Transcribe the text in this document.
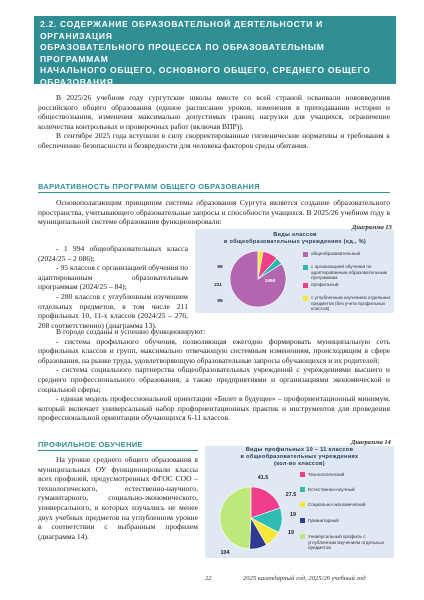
2.2. СОДЕРЖАНИЕ ОБРАЗОВАТЕЛЬНОЙ ДЕЯТЕЛЬНОСТИ И ОРГАНИЗАЦИЯ
ОБРАЗОВАТЕЛЬНОГО ПРОЦЕССА ПО ОБРАЗОВАТЕЛЬНЫМ ПРОГРАММАМ
НАЧАЛЬНОГО ОБЩЕГО, ОСНОВНОГО ОБЩЕГО, СРЕДНЕГО ОБЩЕГО
ОБРАЗОВАНИЯ

В 2025/26 учебном году сургутские школы вместе со всей страной осваивали нововведения российского общего образования (единое расписание уроков, изменения в преподавании истории и обществознания, изменения максимально допустимых границ нагрузки для учащихся, ограничение количества контрольных и проверочных работ (включая ВПР)).

В сентябре 2025 года вступили в силу скорректированные гигиенические нормативы и требования к обеспечению безопасности и безвредности для человека факторов среды обитания.

ВАРИАТИВНОСТЬ ПРОГРАММ ОБЩЕГО ОБРАЗОВАНИЯ

Основополагающим принципом системы образования Сургута является создание образовательного пространства, учитывающего образовательные запросы и способности учащихся. В 2025/26 учебном году в муниципальной системе образования функционировали:

- 1 994 общеобразовательных класса (2024/25 – 2 086);

- 95 классов с организацией обучения по адаптированным образовательным программам (2024/25 – 84);

- 280 классов с углубленным изучением отдельных предметов, в том числе 211 профильных 10, 11-х классов (2024/25 – 276, 208 соответственно) (диаграмма 13).

Диаграмма 13
Виды классов
в общеобразовательных учреждениях (ед., %)
1994
95
211
69
общеобразовательный
с организацией обучения по адаптированным образовательным программам
профильный
с углубленным изучением отдельных предметов (без учета профильных классов)

В городе созданы и успешно функционируют:

- система профильного обучения, позволяющая ежегодно формировать муниципальную сеть профильных классов и групп, максимально отвечающую системным изменениям, происходящим в сфере образования, на рынке труда, удовлетворяющую образовательные запросы обучающихся и их родителей;

- система социального партнерства общеобразовательных учреждений с учреждениями высшего и среднего профессионального образования, а также предприятиями и организациями экономической и социальной сферы;

- единая модель профессиональной ориентации «Билет в будущее» – профориентационный минимум, который включает универсальный набор профориентационных практик и инструментов для проведения профессиональной ориентации обучающихся 6-11 классов.

ПРОФИЛЬНОЕ ОБУЧЕНИЕ

На уровне среднего общего образования в муниципальных ОУ функционировали классы всех профилей, предусмотренных ФГОС СОО – технологического, естественно-научного, гуманитарного, социально-экономического, универсального, в которых изучались не менее двух учебных предметов на углубленном уровне в соответствии с выбранным профилем (диаграмма 14).

Диаграмма 14
Виды профильных 10 – 11 классов
в общеобразовательных учреждениях
(кол-во классов)
41.5
27.5
19
19
104
Технологический
Естественно-научный
Социально-экономический
Гуманитарный
Универсальный профиль с углубленным изучением отдельных предметов
22	2025 календарный год, 2025/26 учебный год
